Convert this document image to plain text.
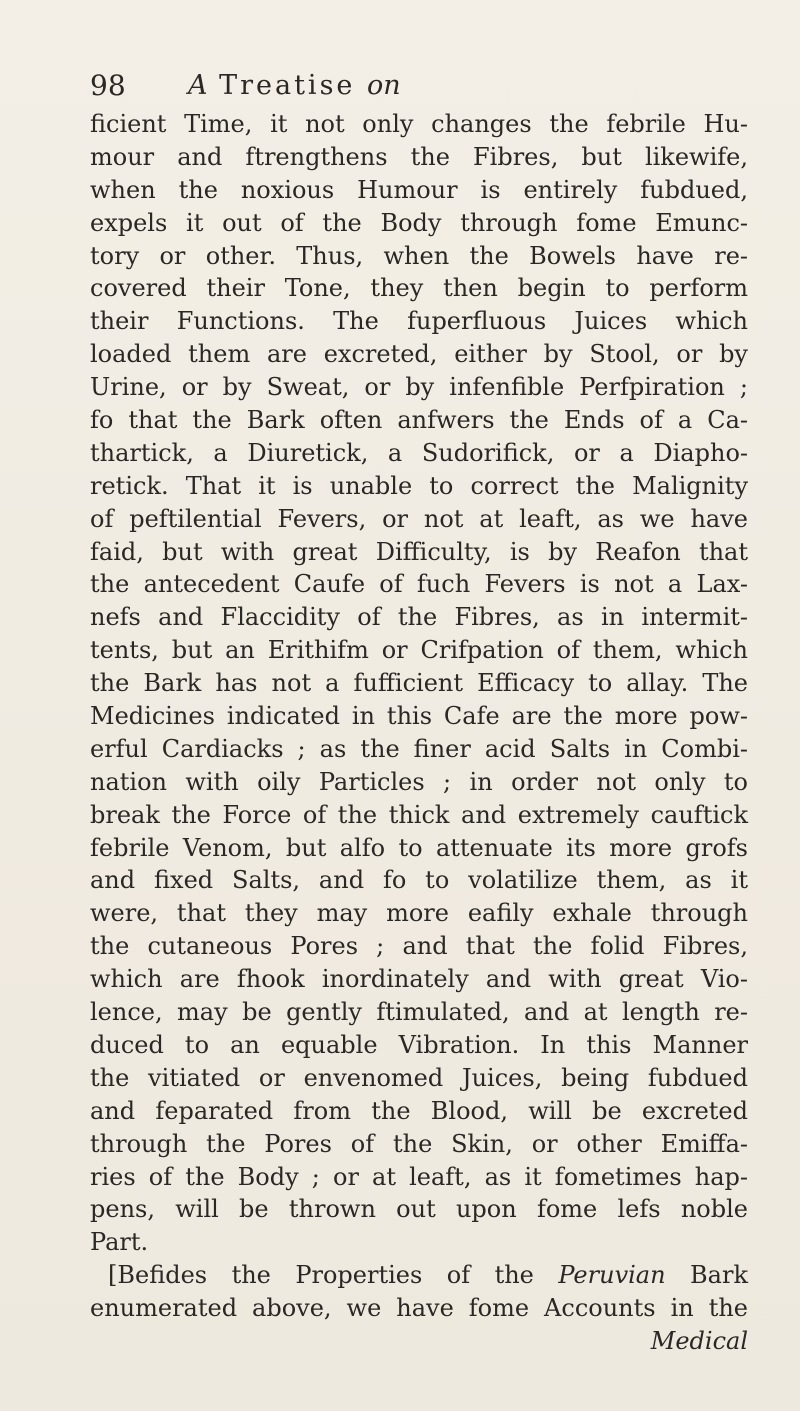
98 A Treatise on
ficient Time, it not only changes the febrile Hu-
mour and ftrengthens the Fibres, but likewife,
when the noxious Humour is entirely fubdued,
expels it out of the Body through fome Emunc-
tory or other. Thus, when the Bowels have re-
covered their Tone, they then begin to perform
their Functions. The fuperfluous Juices which
loaded them are excreted, either by Stool, or by
Urine, or by Sweat, or by infenfible Perfpiration ;
fo that the Bark often anfwers the Ends of a Ca-
thartick, a Diuretick, a Sudorifick, or a Diapho-
retick. That it is unable to correct the Malignity
of peftilential Fevers, or not at leaft, as we have
faid, but with great Difficulty, is by Reafon that
the antecedent Caufe of fuch Fevers is not a Lax-
nefs and Flaccidity of the Fibres, as in intermit-
tents, but an Erithifm or Crifpation of them, which
the Bark has not a fufficient Efficacy to allay. The
Medicines indicated in this Cafe are the more pow-
erful Cardiacks ; as the finer acid Salts in Combi-
nation with oily Particles ; in order not only to
break the Force of the thick and extremely cauftick
febrile Venom, but alfo to attenuate its more grofs
and fixed Salts, and fo to volatilize them, as it
were, that they may more eafily exhale through
the cutaneous Pores ; and that the folid Fibres,
which are fhook inordinately and with great Vio-
lence, may be gently ftimulated, and at length re-
duced to an equable Vibration. In this Manner
the vitiated or envenomed Juices, being fubdued
and feparated from the Blood, will be excreted
through the Pores of the Skin, or other Emiffa-
ries of the Body ; or at leaft, as it fometimes hap-
pens, will be thrown out upon fome lefs noble
Part.
[Befides the Properties of the Peruvian Bark
enumerated above, we have fome Accounts in the
Medical
